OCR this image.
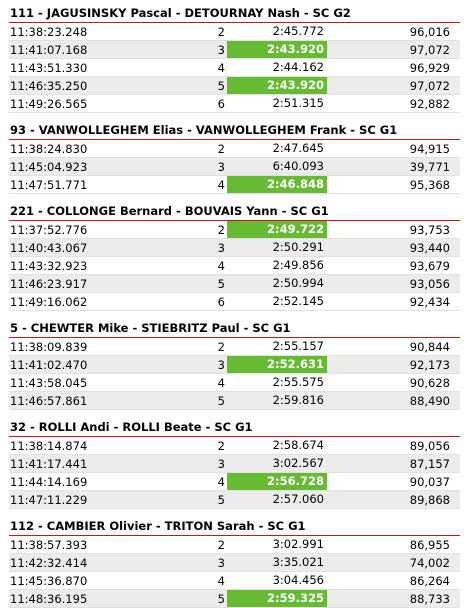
111 - JAGUSINSKY Pascal - DETOURNAY Nash - SC G2
11:38:23.248	2	2:45.772	96,016
11:41:07.168	3	2:43.920	97,072
11:43:51.330	4	2:44.162	96,929
11:46:35.250	5	2:43.920	97,072
11:49:26.565	6	2:51.315	92,882
93 - VANWOLLEGHEM Elias - VANWOLLEGHEM Frank - SC G1
11:38:24.830	2	2:47.645	94,915
11:45:04.923	3	6:40.093	39,771
11:47:51.771	4	2:46.848	95,368
221 - COLLONGE Bernard - BOUVAIS Yann - SC G1
11:37:52.776	2	2:49.722	93,753
11:40:43.067	3	2:50.291	93,440
11:43:32.923	4	2:49.856	93,679
11:46:23.917	5	2:50.994	93,056
11:49:16.062	6	2:52.145	92,434
5 - CHEWTER Mike - STIEBRITZ Paul - SC G1
11:38:09.839	2	2:55.157	90,844
11:41:02.470	3	2:52.631	92,173
11:43:58.045	4	2:55.575	90,628
11:46:57.861	5	2:59.816	88,490
32 - ROLLI Andi - ROLLI Beate - SC G1
11:38:14.874	2	2:58.674	89,056
11:41:17.441	3	3:02.567	87,157
11:44:14.169	4	2:56.728	90,037
11:47:11.229	5	2:57.060	89,868
112 - CAMBIER Olivier - TRITON Sarah - SC G1
11:38:57.393	2	3:02.991	86,955
11:42:32.414	3	3:35.021	74,002
11:45:36.870	4	3:04.456	86,264
11:48:36.195	5	2:59.325	88,733
